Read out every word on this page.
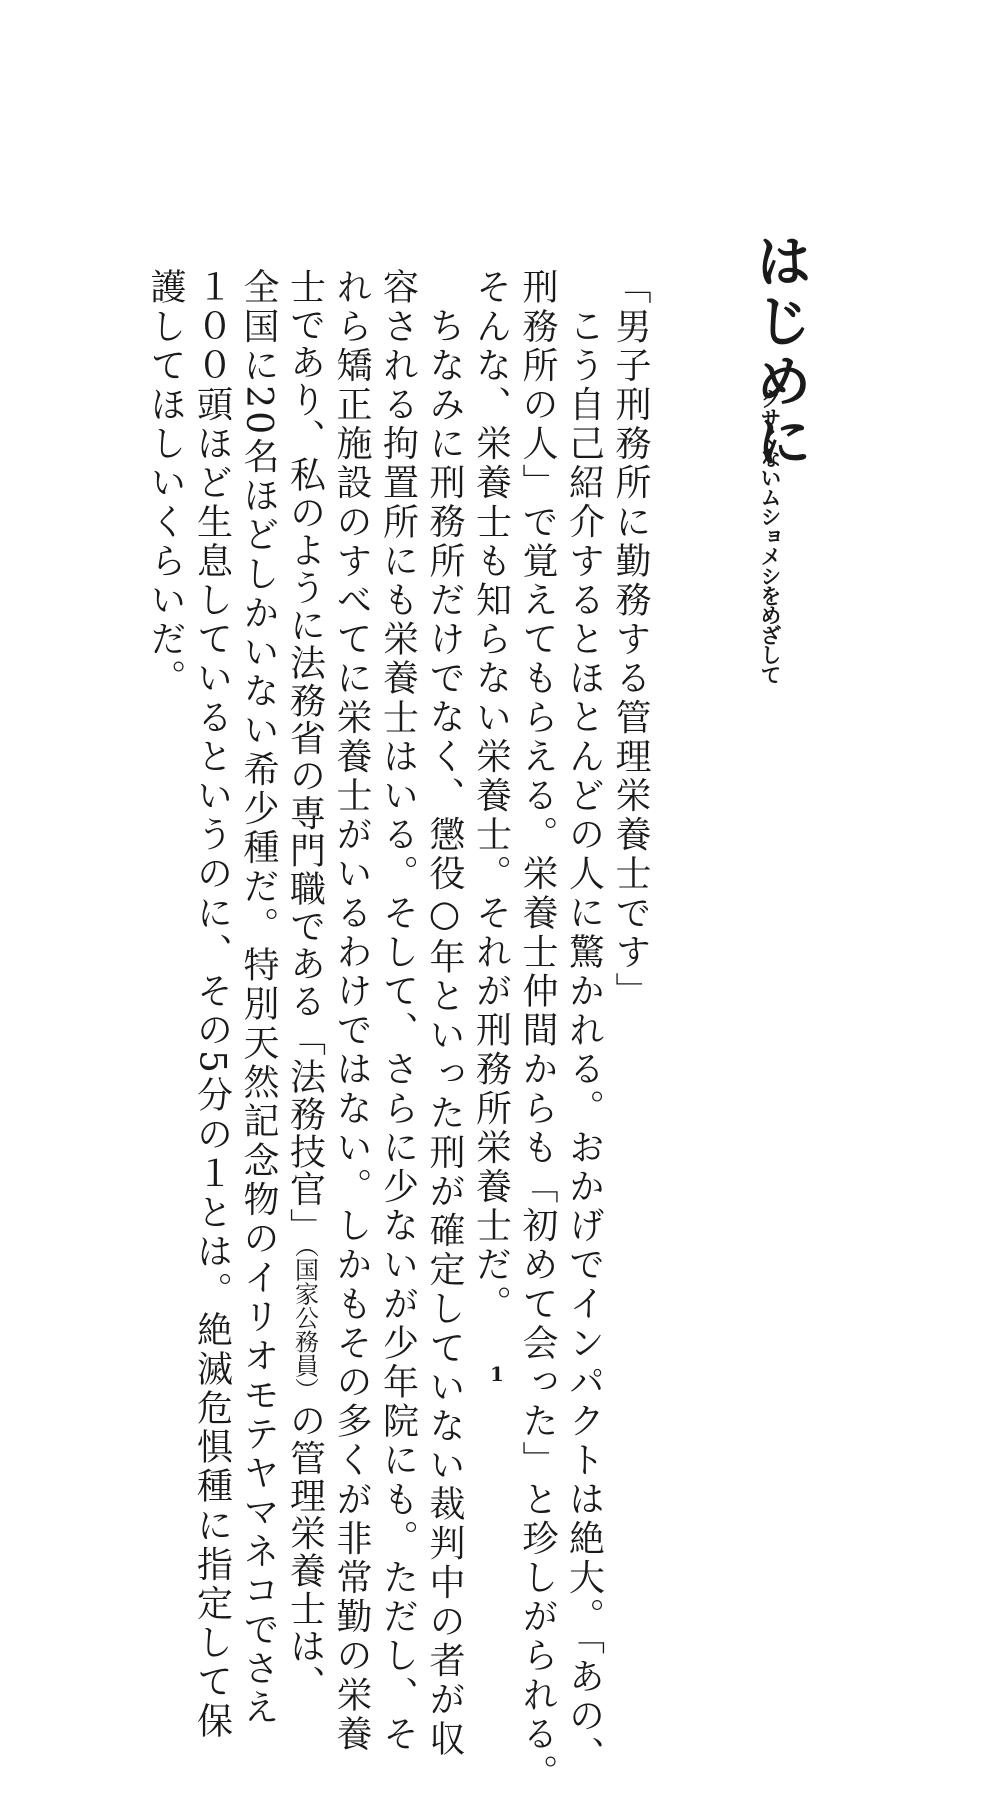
はじめに
クサくないムショメシをめざして

「男子刑務所に勤務する管理栄養士です」

こう自己紹介するとほとんどの人に驚かれる。おかげでインパクトは絶大。「あの、

刑務所の人」で覚えてもらえる。栄養士仲間からも「初めて会った」と珍しがられる。

そんな、栄養士も知らない栄養士。それが刑務所栄養士だ。

ちなみに刑務所だけでなく、懲役○年といった刑が確定していない裁判中の者が収

容される拘置所にも栄養士はいる。そして、さらに少ないが少年院にも。ただし、そ

れら矯正施設のすべてに栄養士がいるわけではない。しかもその多くが非常勤の栄養

士であり、私のように法務省の専門職である「法務技官」（国家公務員）の管理栄養士は、

全国に20名ほどしかいない希少種だ。特別天然記念物のイリオモテヤマネコでさえ

１００頭ほど生息しているというのに、その5分の１とは。絶滅危惧種に指定して保

護してほしいくらいだ。

1
